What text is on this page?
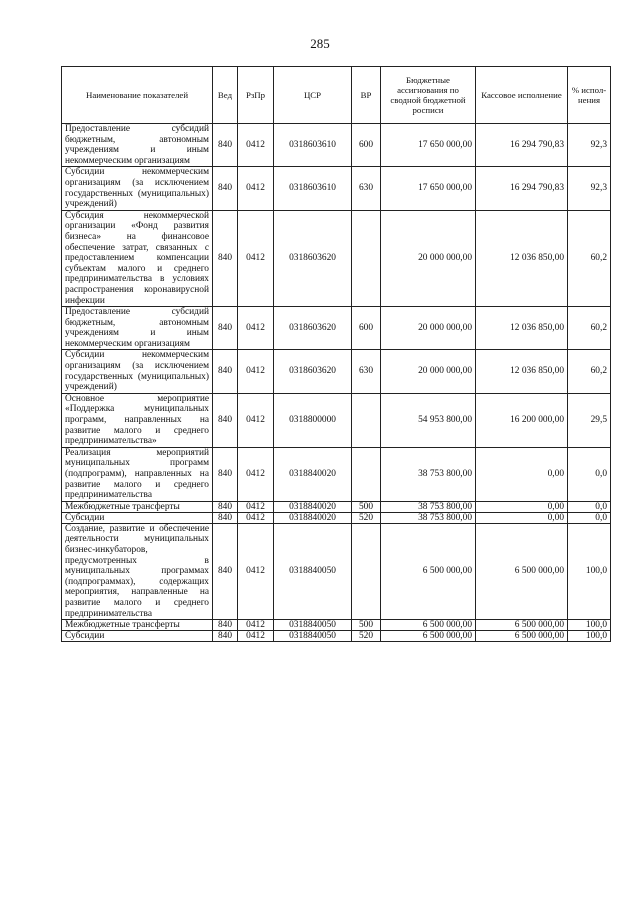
285
Наименование показателей	Вед	РзПр	ЦСР	ВР	Бюджетные ассигнования по сводной бюджетной росписи	Кассовое исполнение	% испол-нения
Предоставление субсидий бюджетным, автономным учреждениям и иным некоммерческим организациям	840	0412	0318603610	600	17 650 000,00	16 294 790,83	92,3
Субсидии некоммерческим организациям (за исключением государственных (муниципальных) учреждений)	840	0412	0318603610	630	17 650 000,00	16 294 790,83	92,3
Субсидия некоммерческой организации «Фонд развития бизнеса» на финансовое обеспечение затрат, связанных с предоставлением компенсации субъектам малого и среднего предпринимательства в условиях распространения коронавирусной инфекции	840	0412	0318603620		20 000 000,00	12 036 850,00	60,2
Предоставление субсидий бюджетным, автономным учреждениям и иным некоммерческим организациям	840	0412	0318603620	600	20 000 000,00	12 036 850,00	60,2
Субсидии некоммерческим организациям (за исключением государственных (муниципальных) учреждений)	840	0412	0318603620	630	20 000 000,00	12 036 850,00	60,2
Основное мероприятие «Поддержка муниципальных программ, направленных на развитие малого и среднего предпринимательства»	840	0412	0318800000		54 953 800,00	16 200 000,00	29,5
Реализация мероприятий муниципальных программ (подпрограмм), направленных на развитие малого и среднего предпринимательства	840	0412	0318840020		38 753 800,00	0,00	0,0
Межбюджетные трансферты	840	0412	0318840020	500	38 753 800,00	0,00	0,0
Субсидии	840	0412	0318840020	520	38 753 800,00	0,00	0,0
Создание, развитие и обеспечение деятельности муниципальных бизнес-инкубаторов, предусмотренных в муниципальных программах (подпрограммах), содержащих мероприятия, направленные на развитие малого и среднего предпринимательства	840	0412	0318840050		6 500 000,00	6 500 000,00	100,0
Межбюджетные трансферты	840	0412	0318840050	500	6 500 000,00	6 500 000,00	100,0
Субсидии	840	0412	0318840050	520	6 500 000,00	6 500 000,00	100,0
